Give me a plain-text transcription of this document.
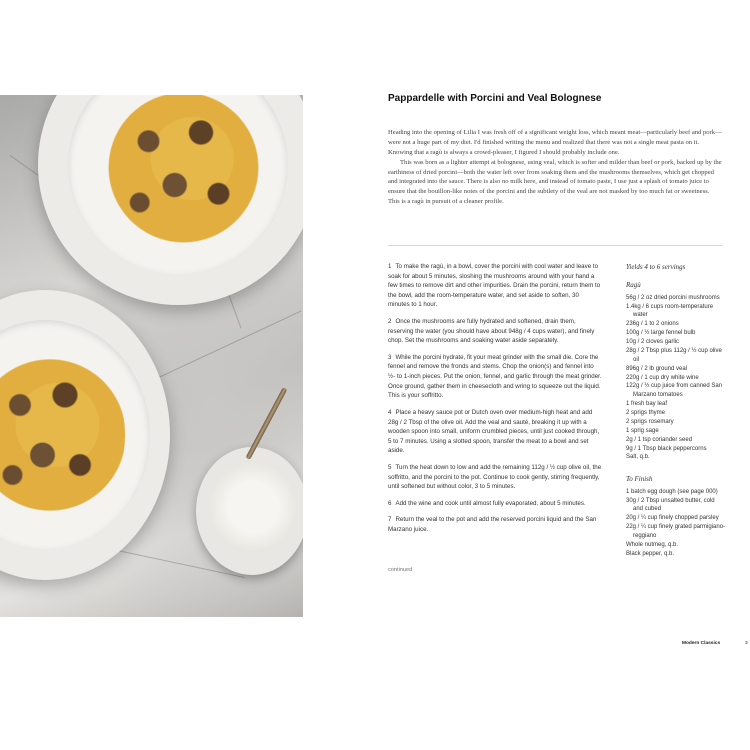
Pappardelle with Porcini and Veal Bolognese

Heading into the opening of Lilia I was fresh off of a significant weight loss, which meant meat—particularly beef and pork—were not a huge part of my diet. I'd finished writing the menu and realized that there was not a single meat pasta on it. Knowing that a ragù is always a crowd-pleaser, I figured I should probably include one.

This was born as a lighter attempt at bolognese, using veal, which is softer and milder than beef or pork, backed up by the earthiness of dried porcini—both the water left over from soaking them and the mushrooms themselves, which get chopped and integrated into the sauce. There is also no milk here, and instead of tomato paste, I use just a splash of tomato juice to ensure that the bouillon-like notes of the porcini and the subtlety of the veal are not masked by too much fat or sweetness. This is a ragù in pursuit of a cleaner profile.

1 To make the ragù, in a bowl, cover the porcini with cool water and leave to soak for about 5 minutes, sloshing the mushrooms around with your hand a few times to remove dirt and other impurities. Drain the porcini, return them to the bowl, add the room-temperature water, and set aside to soften, 30 minutes to 1 hour.

2 Once the mushrooms are fully hydrated and softened, drain them, reserving the water (you should have about 948g / 4 cups water), and finely chop. Set the mushrooms and soaking water aside separately.

3 While the porcini hydrate, fit your meat grinder with the small die. Core the fennel and remove the fronds and stems. Chop the onion(s) and fennel into ½- to 1-inch pieces. Put the onion, fennel, and garlic through the meat grinder. Once ground, gather them in cheesecloth and wring to squeeze out the liquid. This is your soffritto.

4 Place a heavy sauce pot or Dutch oven over medium-high heat and add 28g / 2 Tbsp of the olive oil. Add the veal and sauté, breaking it up with a wooden spoon into small, uniform crumbled pieces, until just cooked through, 5 to 7 minutes. Using a slotted spoon, transfer the meat to a bowl and set aside.

5 Turn the heat down to low and add the remaining 112g / ½ cup olive oil, the soffritto, and the porcini to the pot. Continue to cook gently, stirring frequently, until softened but without color, 3 to 5 minutes.

6 Add the wine and cook until almost fully evaporated, about 5 minutes.

7 Return the veal to the pot and add the reserved porcini liquid and the San Marzano juice.

continued
Yields 4 to 6 servings
Ragù
56g / 2 oz dried porcini mushrooms
1.4kg / 6 cups room-temperature water
236g / 1 to 2 onions
100g / ½ large fennel bulb
10g / 2 cloves garlic
28g / 2 Tbsp plus 112g / ½ cup olive oil
896g / 2 lb ground veal
220g / 1 cup dry white wine
122g / ½ cup juice from canned San Marzano tomatoes
1 fresh bay leaf
2 sprigs thyme
2 sprigs rosemary
1 sprig sage
2g / 1 tsp coriander seed
9g / 1 Tbsp black peppercorns
Salt, q.b.
To Finish
1 batch egg dough (see page 000)
30g / 2 Tbsp unsalted butter, cold and cubed
20g / ¼ cup finely chopped parsley
22g / ¼ cup finely grated parmigiano-reggiano
Whole nutmeg, q.b.
Black pepper, q.b.
Modern Classics	3
